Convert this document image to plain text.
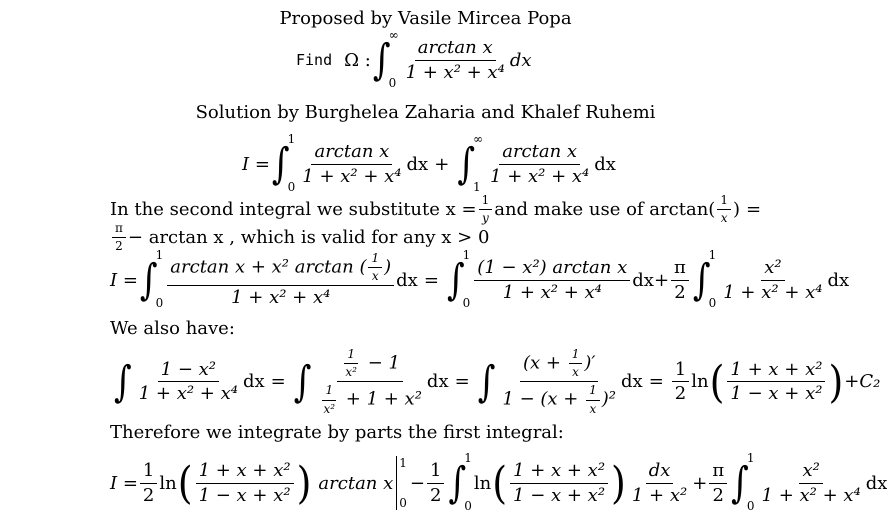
Proposed by Vasile Mircea Popa
Find Ω : ∫
∞
0
$\frac{\text{arctan x}}{\text{1 + x² + x⁴}}$ dx
Solution by Burghelea Zaharia and Khalef Ruhemi
I = ∫
1
0
$\frac{\text{arctan x}}{\text{1 + x² + x⁴}}$ dx + ∫
∞
1
$\frac{\text{arctan x}}{\text{1 + x² + x⁴}}$ dx
In the second integral we substitute $x = \frac{1}{y}$ and make use of arctan ( $\frac{1}{x}$ ) =
$\frac{\pi}{2} - \arctan x$ , which is valid for any x > 0
I = ∫
1
$0 \frac{\arctan x + x^2 \arctan ( \frac{1}{x} )}{\text{1 + x² + x⁴}}$ dx = ∫
1
0
$\frac{\text{(1 − x²) arctan x}}{\text{1 + x² + x⁴}}$ dx + $\frac{\pi}{2}$ ∫
1
0
$\frac{\text{x²}}{\text{1 + x² + x⁴}}$ dx
We also have:
∫ $\frac{\text{1 − x²}}{\text{1 + x² + x⁴}}$ dx = ∫ $\frac{\frac{1}{\text{x²}} - 1}{\frac{1}{\text{x²}} + 1 + x^2}$ dx = ∫ $\frac{(x + \frac{1}{x} )'}{1 - (x + \frac{1}{x} )^2}$ dx = $\frac{1}{2}$ ln ( $\frac{\text{1 + x + x²}}{\text{1 − x + x²}}$ ) +C₂
Therefore we integrate by parts the first integral:
$I = \frac{1}{2}$ ln ( $\frac{\text{1 + x + x²}}{\text{1 − x + x²}}$ ) arctan x
1
0
− $\frac{1}{2}$ ∫
1
0
ln ( $\frac{\text{1 + x + x²}}{\text{1 − x + x²}}$ ) $\frac{dx}{\text{1 + x²}} + \frac{\pi}{2}$ ∫
1
0
$\frac{\text{x²}}{\text{1 + x² + x⁴}}$ dx
